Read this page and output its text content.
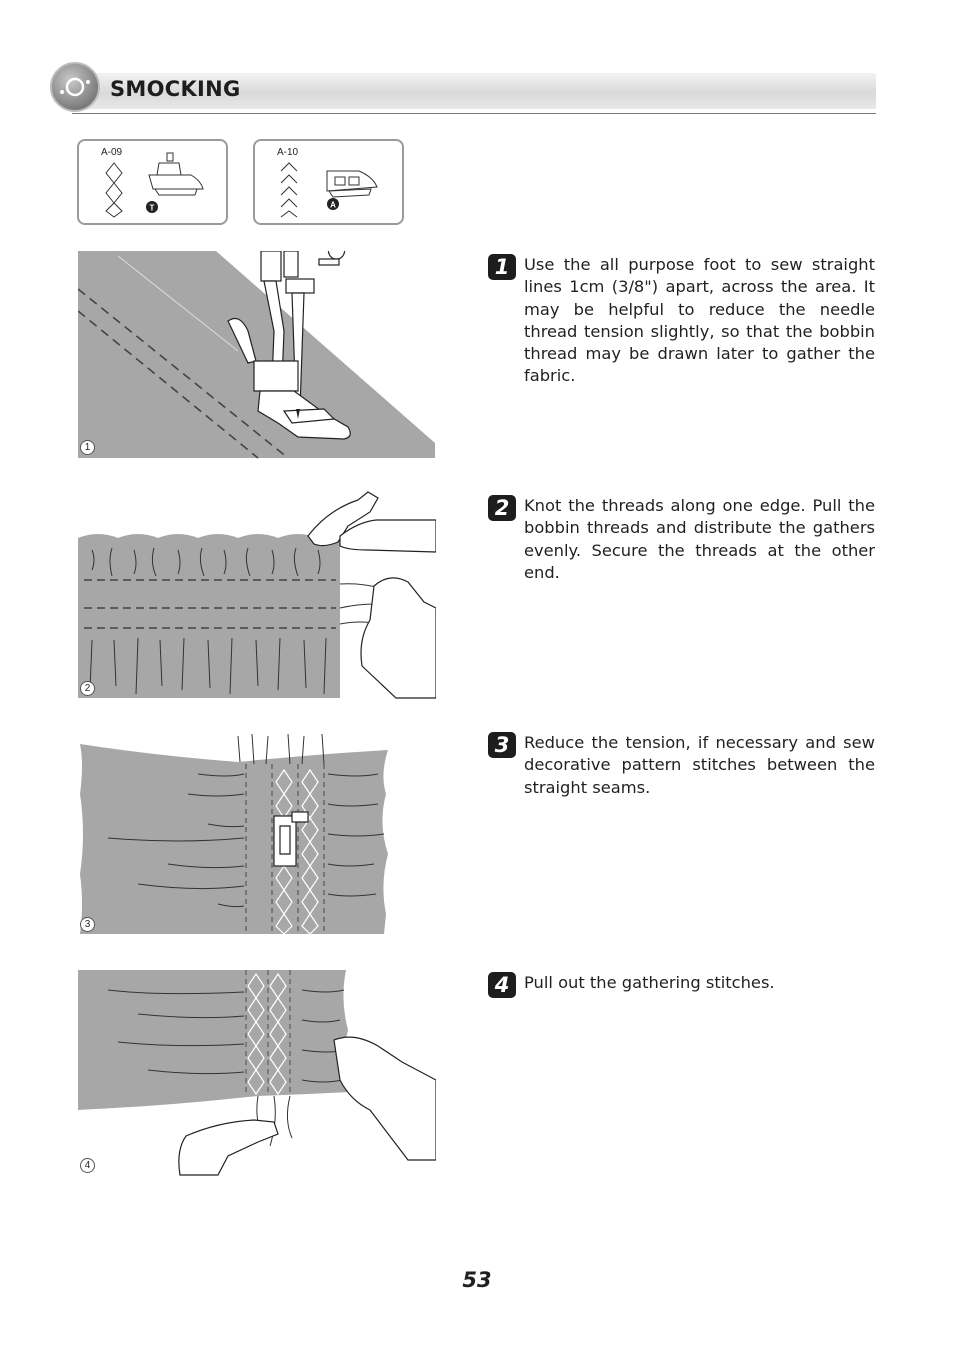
SMOCKING
A-09
T
A-10
A
1
2
3
4
1 Use the all purpose foot to sew straight lines 1cm (3/8") apart, across the area. It may be helpful to reduce the needle thread tension slightly, so that the bobbin thread may be drawn later to gather the fabric.
2 Knot the threads along one edge. Pull the bobbin threads and distribute the gathers evenly. Secure the threads at the other end.
3 Reduce the tension, if necessary and sew decorative pattern stitches between the straight seams.
4 Pull out the gathering stitches.
53
